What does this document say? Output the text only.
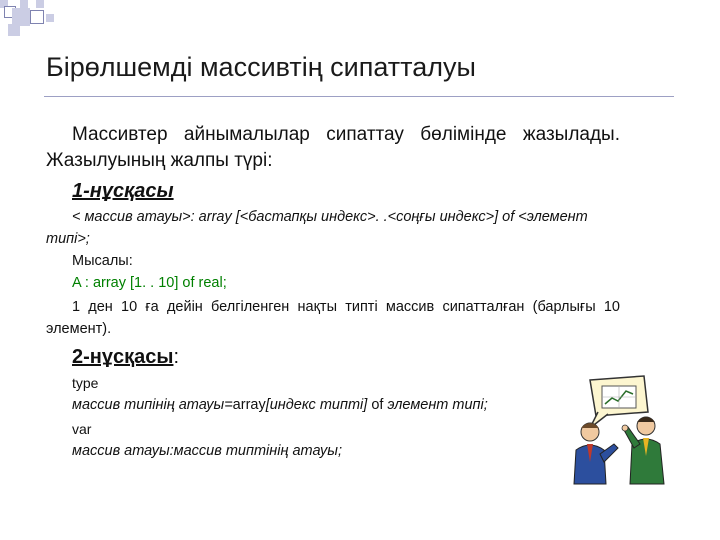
Бірөлшемді массивтің сипатталуы
Массивтер айнымалылар сипаттау бөлімінде жазылады. Жазылуының жалпы түрі:
1-нұсқасы
< массив атауы>: array [<бастапқы индекс>. .<соңғы индекс>] of <элемент типі>;
Мысалы:
A : array [1. . 10] of real;
1 ден 10 ға дейін белгіленген нақты типті массив сипатталған (барлығы 10 элемент).
2-нұсқасы:
type
массив типінің атауы=array[индекс типті] of элемент типі;
var
массив атауы:массив типтінің атауы;
